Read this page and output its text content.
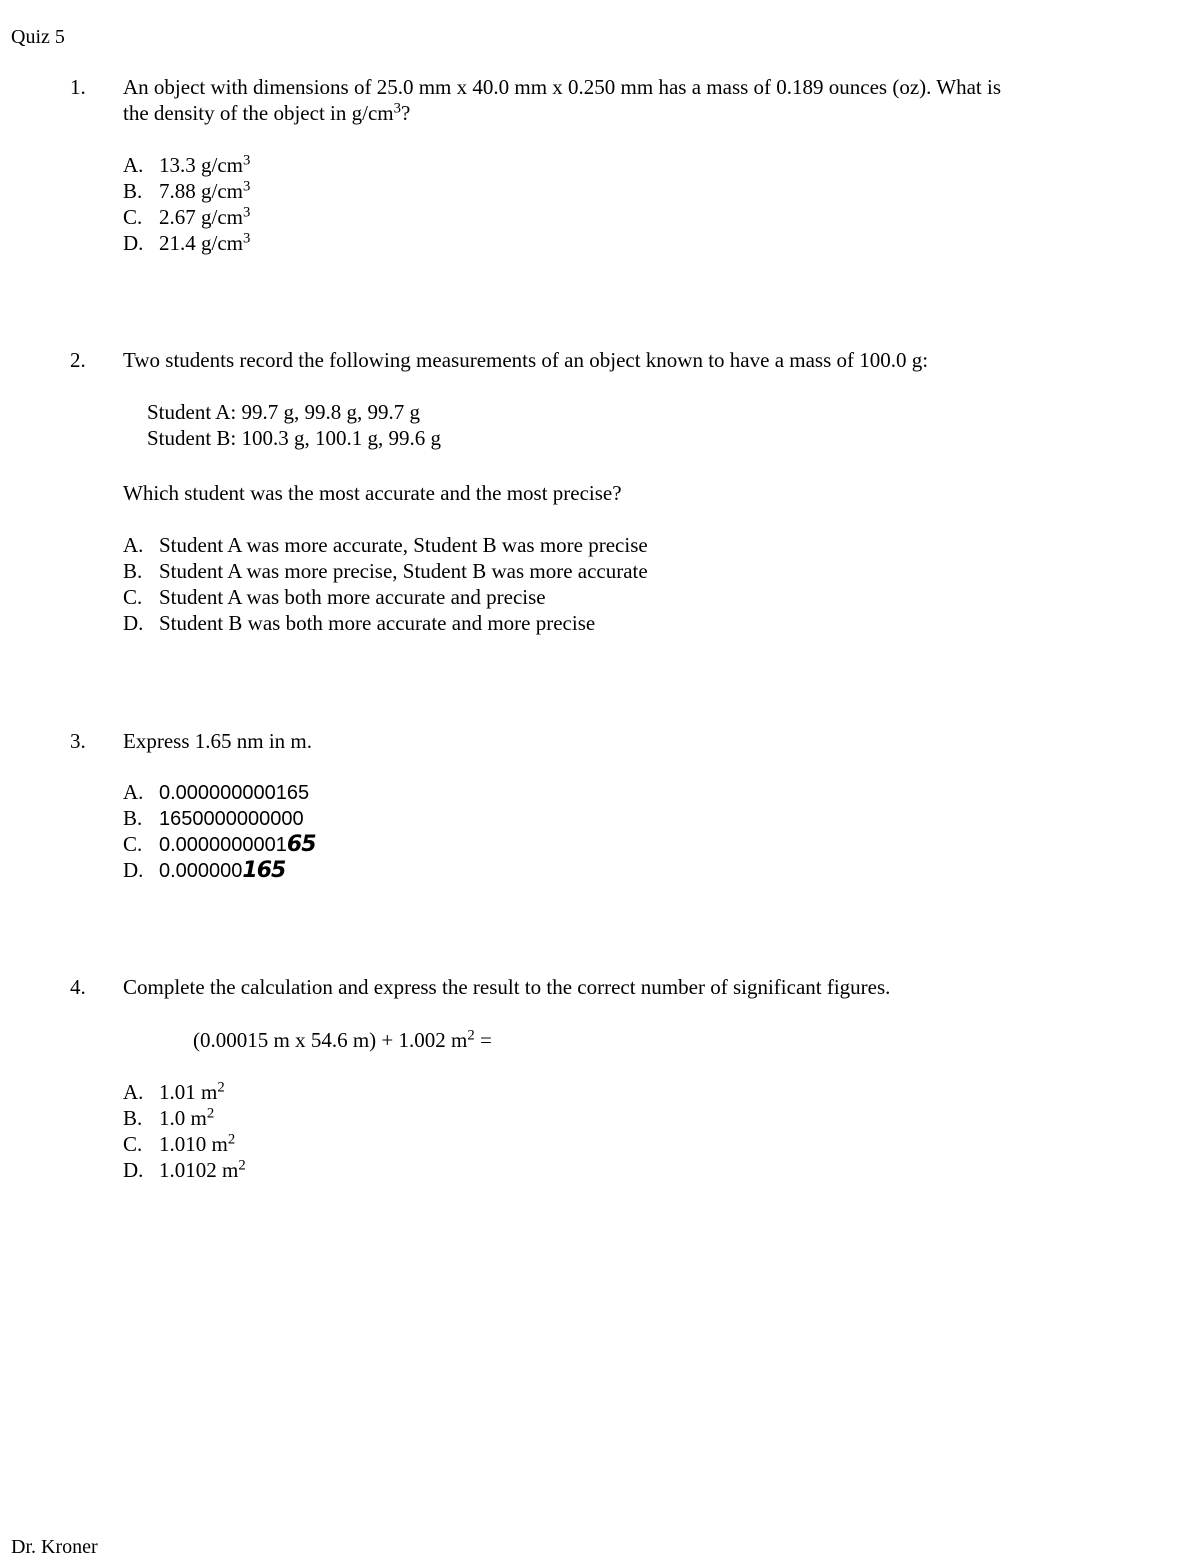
Quiz 5
1. An object with dimensions of 25.0 mm x 40.0 mm x 0.250 mm has a mass of 0.189 ounces (oz). What is
the density of the object in $g/cm^3$?
A. 13.3 $g/cm^3$
B. 7.88 $g/cm^3$
C. 2.67 $g/cm^3$
D. 21.4 $g/cm^3$
2. Two students record the following measurements of an object known to have a mass of 100.0 g:
Student A: 99.7 g, 99.8 g, 99.7 g
Student B: 100.3 g, 100.1 g, 99.6 g
Which student was the most accurate and the most precise?
A. Student A was more accurate, Student B was more precise
B. Student A was more precise, Student B was more accurate
C. Student A was both more accurate and precise
D. Student B was both more accurate and more precise
3. Express 1.65 nm in m.
A. 0.000000000165
B. 1650000000000
C. 0.000000000165
D. 0.000000165
4. Complete the calculation and express the result to the correct number of significant figures.
(0.00015 m x 54.6 m) + 1.002 $m^2$ =
A. 1.01 $m^2$
B. 1.0 $m^2$
C. 1.010 $m^2$
D. 1.0102 $m^2$
Dr. Kroner
